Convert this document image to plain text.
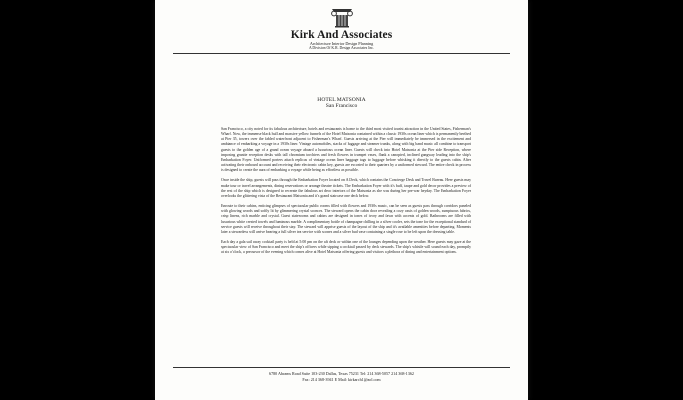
Kirk And Associates
Architecture Interior Design Planning
A Division Of K.R. Design Associates Inc.
HOTEL MATSONIA
San Francisco

San Francisco, a city noted for its fabulous architecture, hotels and restaurants is home to the third most visited tourist attraction in the United States, Fisherman's Wharf. Now, the immense black hull and massive yellow funnels of the Hotel Matsonia contained within a classic 1930s ocean liner which is permanently berthed at Pier 35, towers over the fabled waterfront adjacent to Fisherman's Wharf. Guests arriving at the Pier will immediately be immersed in the excitement and ambiance of embarking a voyage in a 1930s liner. Vintage automobiles, stacks of luggage and steamer trunks, along with big band music all combine to transport guests to the golden age of a grand ocean voyage aboard a luxurious ocean liner. Guests will check into Hotel Matsonia at the Pier side Reception, where imposing granite reception desks with tall chromium torchiers and fresh flowers in trumpet vases, flank a canopied, inclined gangway leading into the ship's Embarkation Foyer. Uniformed porters attach replicas of vintage ocean liner baggage tags to luggage before whisking it directly to the guests cabin. After activating their onboard account and receiving their electronic cabin key, guests are escorted to their quarters by a uniformed steward. The entire check in process is designed to create the aura of embarking a voyage while being as effortless as possible.

Once inside the ship, guests will pass through the Embarkation Foyer located on A Deck, which contains the Concierge Desk and Travel Bureau. Here guests may make tour or travel arrangements, dining reservations or arrange theatre tickets. The Embarkation Foyer with it's buff, taupe and gold decor provides a preview of the rest of the ship which is designed to recreate the fabulous art deco interiors of the Matsonia as she was during her pre-war heyday. The Embarkation Foyer overlooks the glittering vista of the Restaurant Matsonia and it's grand staircase one deck below.

Enroute to their cabins, enticing glimpses of spectacular public rooms filled with flowers and 1930s music, can be seen as guests pass through corridors paneled with glowing woods and softly lit by glimmering crystal sconces. The steward opens the cabin door revealing a cozy oasis of golden woods, sumptuous fabrics, crisp linens, rich marble and crystal. Guest staterooms and cabins are designed in tones of ivory and fawn with accents of gold. Bathrooms are filled with luxurious white crested towels and luminous marble. A complimentary bottle of champagne chilling in a silver cooler, sets the tone for the exceptional standard of service guests will receive throughout their stay. The steward will apprise guests of the layout of the ship and it's available amenities before departing. Moments later a stewardess will arrive bearing a full silver tea service with scones and a silver bud vase containing a single rose to be left upon the dressing table.

Each day a gala sail away cocktail party is held at 5:00 pm on the aft deck or within one of the lounges depending upon the weather. Here guests may gaze at the spectacular view of San Francisco and meet the ship's officers while sipping a cocktail passed by deck stewards. The ship's whistle will sound each day, promptly at six o'clock, a precursor of the evening which comes alive at Hotel Matsonia offering guests and visitors a plethora of dining and entertainment options.

6780 Abrams Road Suite 103-230 Dallas, Texas 75231 Tel: 214 368-5057 214 368-1362
Fax: 214 368-3941 E Mail: kirkarch1@aol.com
